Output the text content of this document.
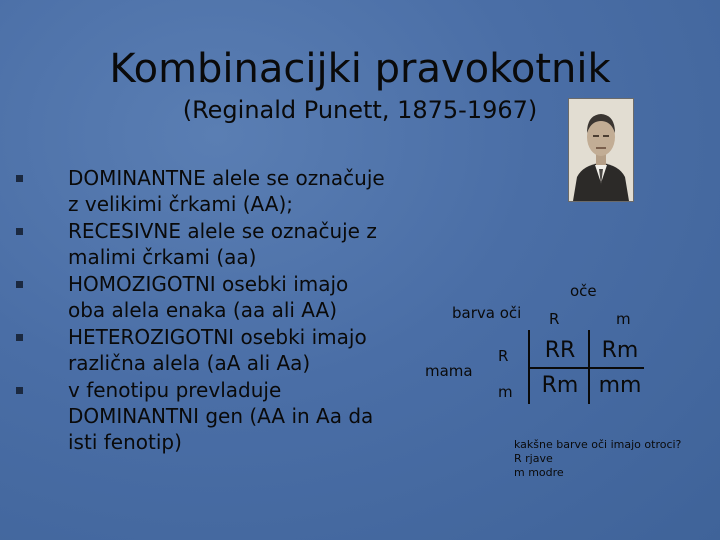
Kombinacijki pravokotnik
(Reginald Punett, 1875-1967)
DOMINANTNE alele se označuje
z velikimi črkami (AA);
RECESIVNE alele se označuje z
malimi črkami (aa)
HOMOZIGOTNI osebki imajo
oba alela enaka (aa ali AA)
HETEROZIGOTNI osebki imajo
različna alela (aA ali Aa)
v fenotipu prevladuje
DOMINANTNI gen (AA in Aa da
isti fenotip)
oče
barva oči R	m
mama
R
m
RR	Rm
Rm mm
kakšne barve oči imajo otroci?
R rjave
m modre
